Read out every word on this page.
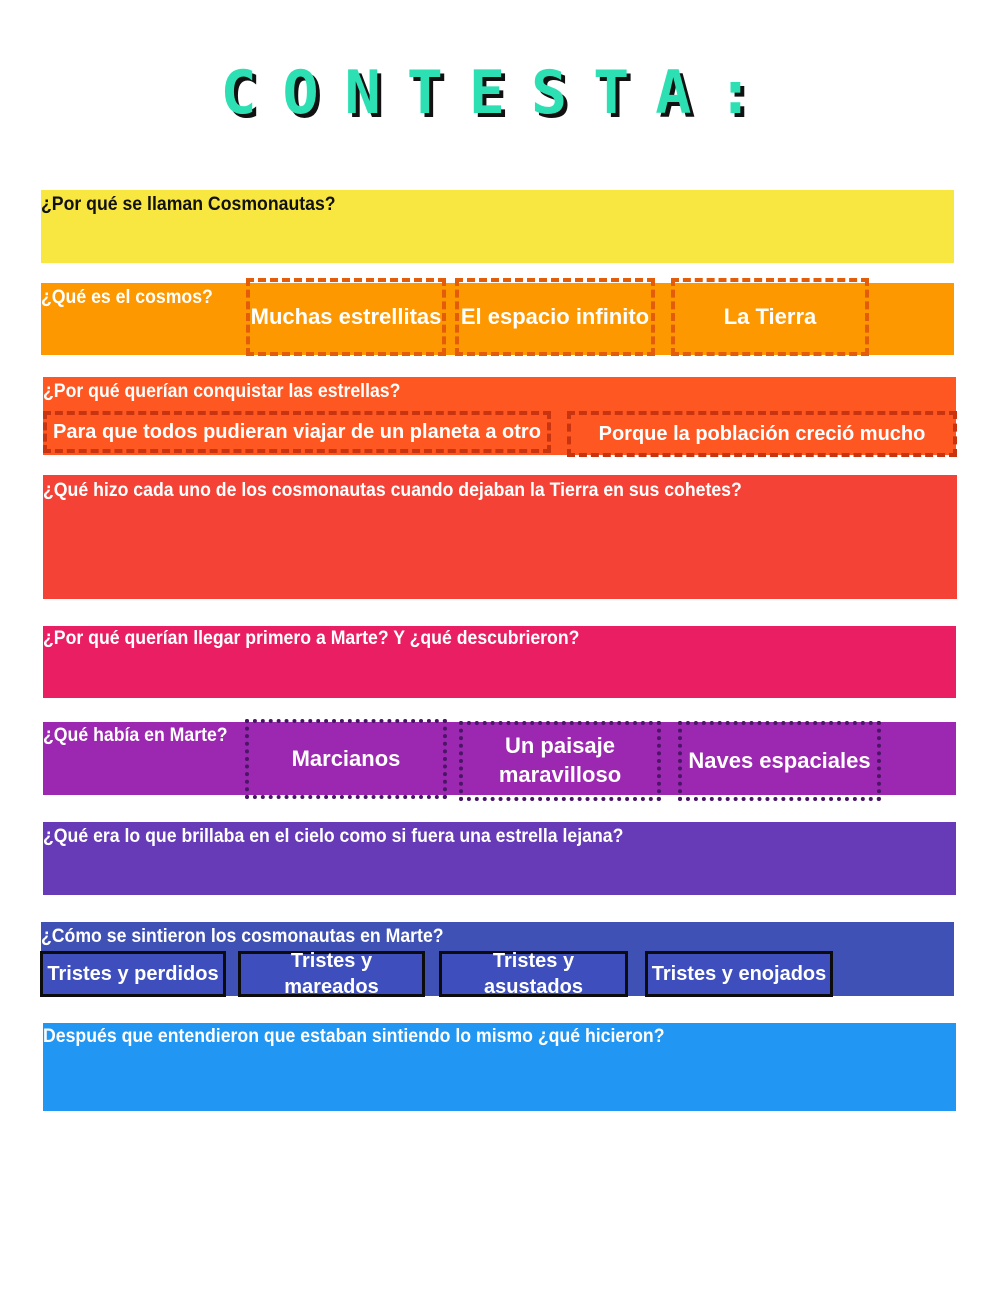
CONTESTA:
¿Por qué se llaman Cosmonautas?
¿Qué es el cosmos?
Muchas estrellitas El espacio infinito	La Tierra
¿Por qué querían conquistar las estrellas?
Para que todos pudieran viajar de un planeta a otro	Porque la población creció mucho
¿Qué hizo cada uno de los cosmonautas cuando dejaban la Tierra en sus cohetes?
¿Por qué querían llegar primero a Marte? Y ¿qué descubrieron?
¿Qué había en Marte?
Marcianos	Un paisaje maravilloso
Naves espaciales
¿Qué era lo que brillaba en el cielo como si fuera una estrella lejana?
¿Cómo se sintieron los cosmonautas en Marte?
Tristes y perdidos
Tristes y mareados
Tristes y asustados
Tristes y enojados
Después que entendieron que estaban sintiendo lo mismo ¿qué hicieron?
